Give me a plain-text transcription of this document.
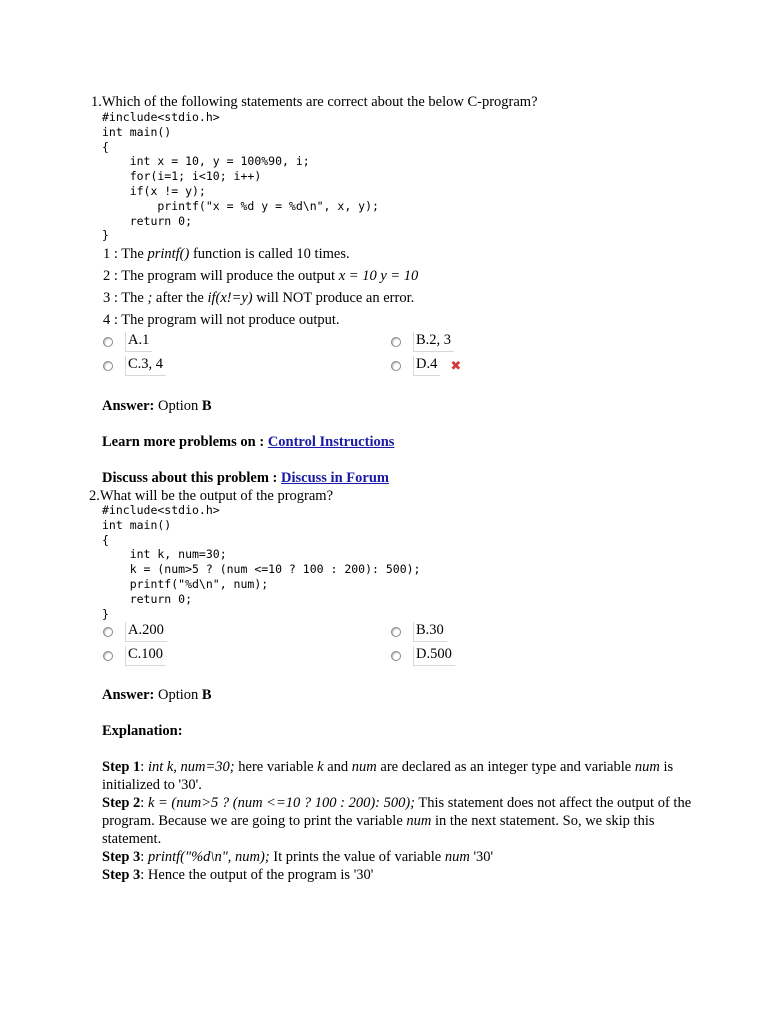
1.Which of the following statements are correct about the below C-program?
#include<stdio.h>
int main()
{
int x = 10, y = 100%90, i;
for(i=1; i<10; i++)
if(x != y);
printf("x = %d y = %d\n", x, y);
return 0;
}
1 : The printf() function is called 10 times.
2 : The program will produce the output x = 10 y = 10
3 : The ; after the if(x!=y) will NOT produce an error.
4 : The program will not produce output.
A.1	B.2, 3
C.3, 4	D.4 ✖
Answer: Option B
Learn more problems on : Control Instructions
Discuss about this problem : Discuss in Forum
2.What will be the output of the program?
#include<stdio.h>
int main()
{
int k, num=30;
k = (num>5 ? (num <=10 ? 100 : 200): 500);
printf("%d\n", num);
return 0;
}
A.200	B.30
C.100	D.500
Answer: Option B
Explanation:
Step 1: int k, num=30; here variable k and num are declared as an integer type and variable num is initialized to '30'.
Step 2: k = (num>5 ? (num <=10 ? 100 : 200): 500); This statement does not affect the output of the program. Because we are going to print the variable num in the next statement. So, we skip this statement.
Step 3: printf("%d\n", num); It prints the value of variable num '30'
Step 3: Hence the output of the program is '30'
